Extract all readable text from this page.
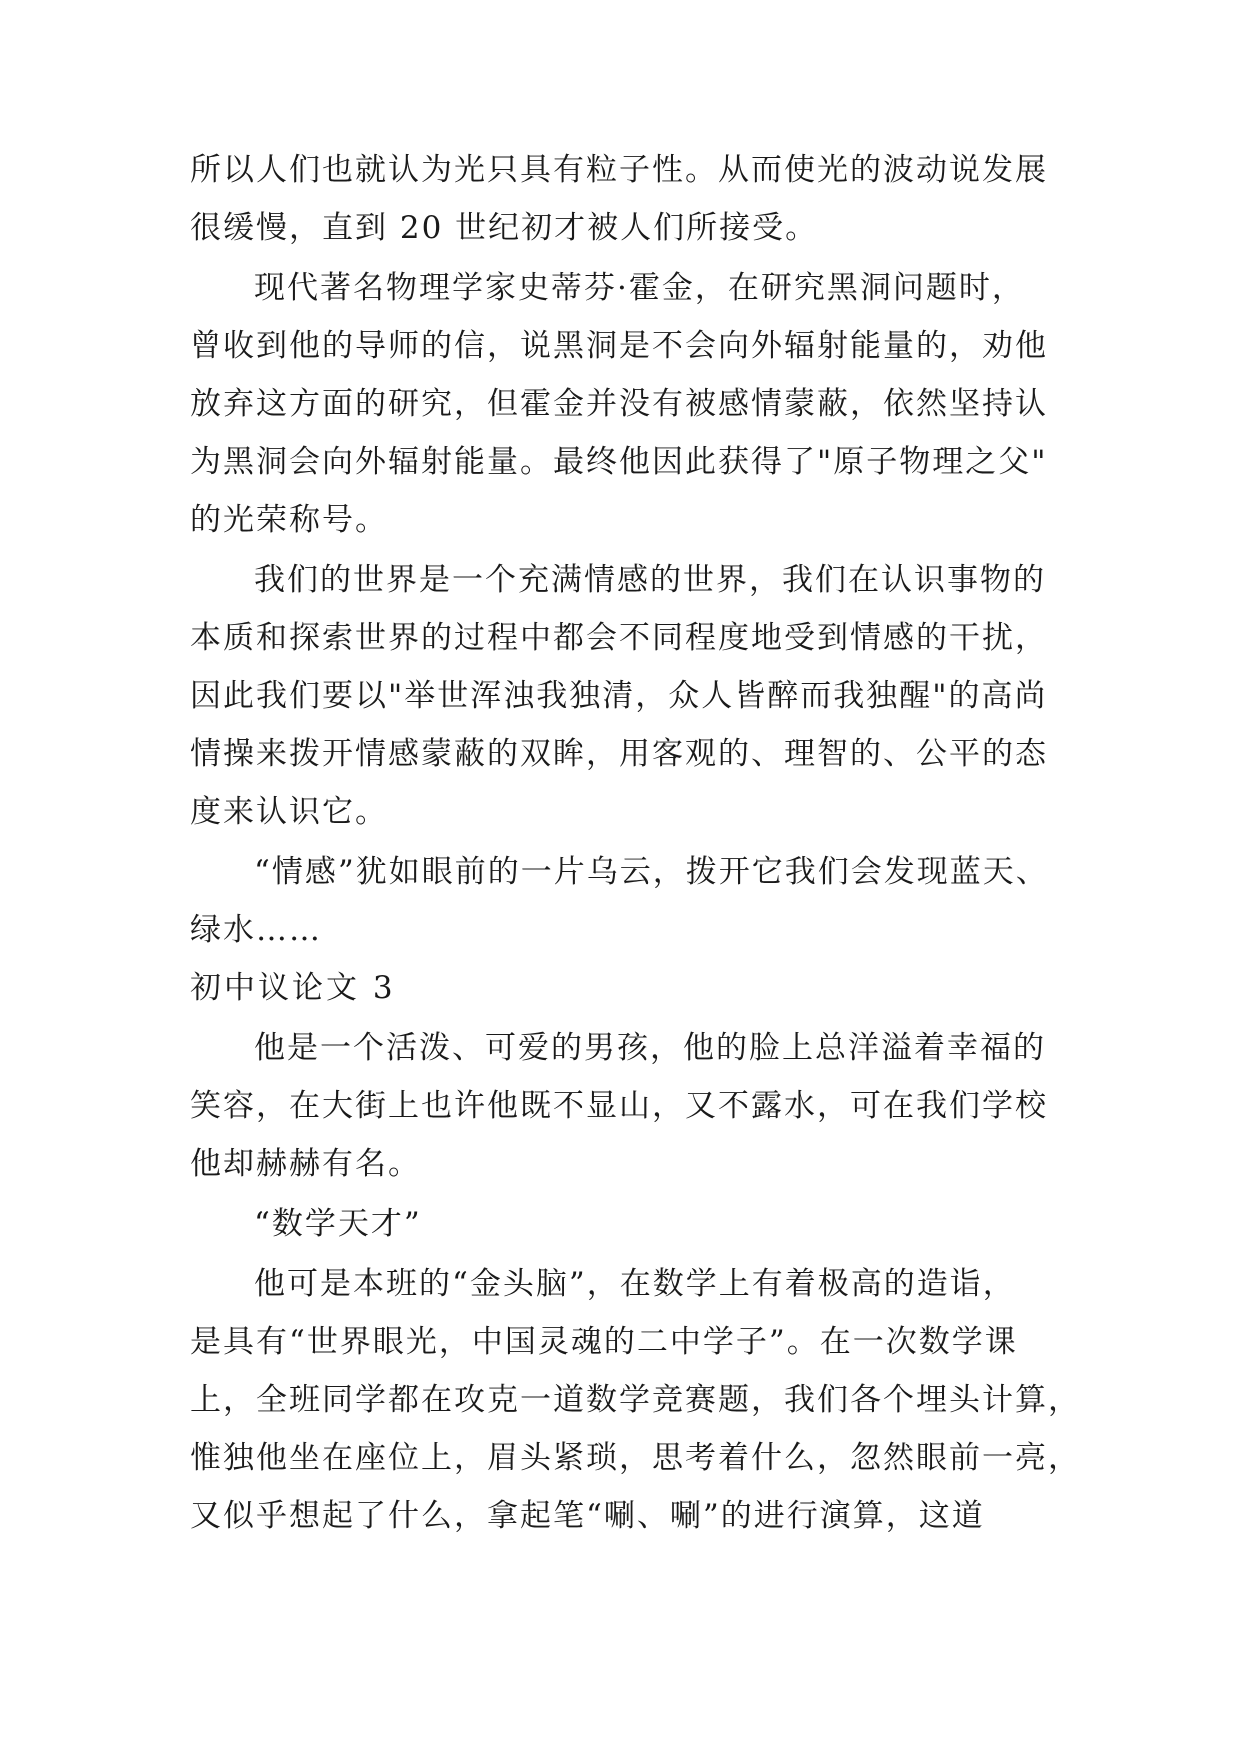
所以人们也就认为光只具有粒子性。从而使光的波动说发展
很缓慢，直到 20 世纪初才被人们所接受。
现代著名物理学家史蒂芬·霍金，在研究黑洞问题时，
曾收到他的导师的信，说黑洞是不会向外辐射能量的，劝他
放弃这方面的研究，但霍金并没有被感情蒙蔽，依然坚持认
为黑洞会向外辐射能量。最终他因此获得了"原子物理之父"
的光荣称号。
我们的世界是一个充满情感的世界，我们在认识事物的
本质和探索世界的过程中都会不同程度地受到情感的干扰，
因此我们要以"举世浑浊我独清，众人皆醉而我独醒"的高尚
情操来拨开情感蒙蔽的双眸，用客观的、理智的、公平的态
度来认识它。
“情感”犹如眼前的一片乌云，拨开它我们会发现蓝天、
绿水……
初中议论文 3
他是一个活泼、可爱的男孩，他的脸上总洋溢着幸福的
笑容，在大街上也许他既不显山，又不露水，可在我们学校
他却赫赫有名。
“数学天才”
他可是本班的“金头脑”，在数学上有着极高的造诣，
是具有“世界眼光，中国灵魂的二中学子”。在一次数学课
上，全班同学都在攻克一道数学竞赛题，我们各个埋头计算，
惟独他坐在座位上，眉头紧琐，思考着什么，忽然眼前一亮，
又似乎想起了什么，拿起笔“唰、唰”的进行演算，这道
